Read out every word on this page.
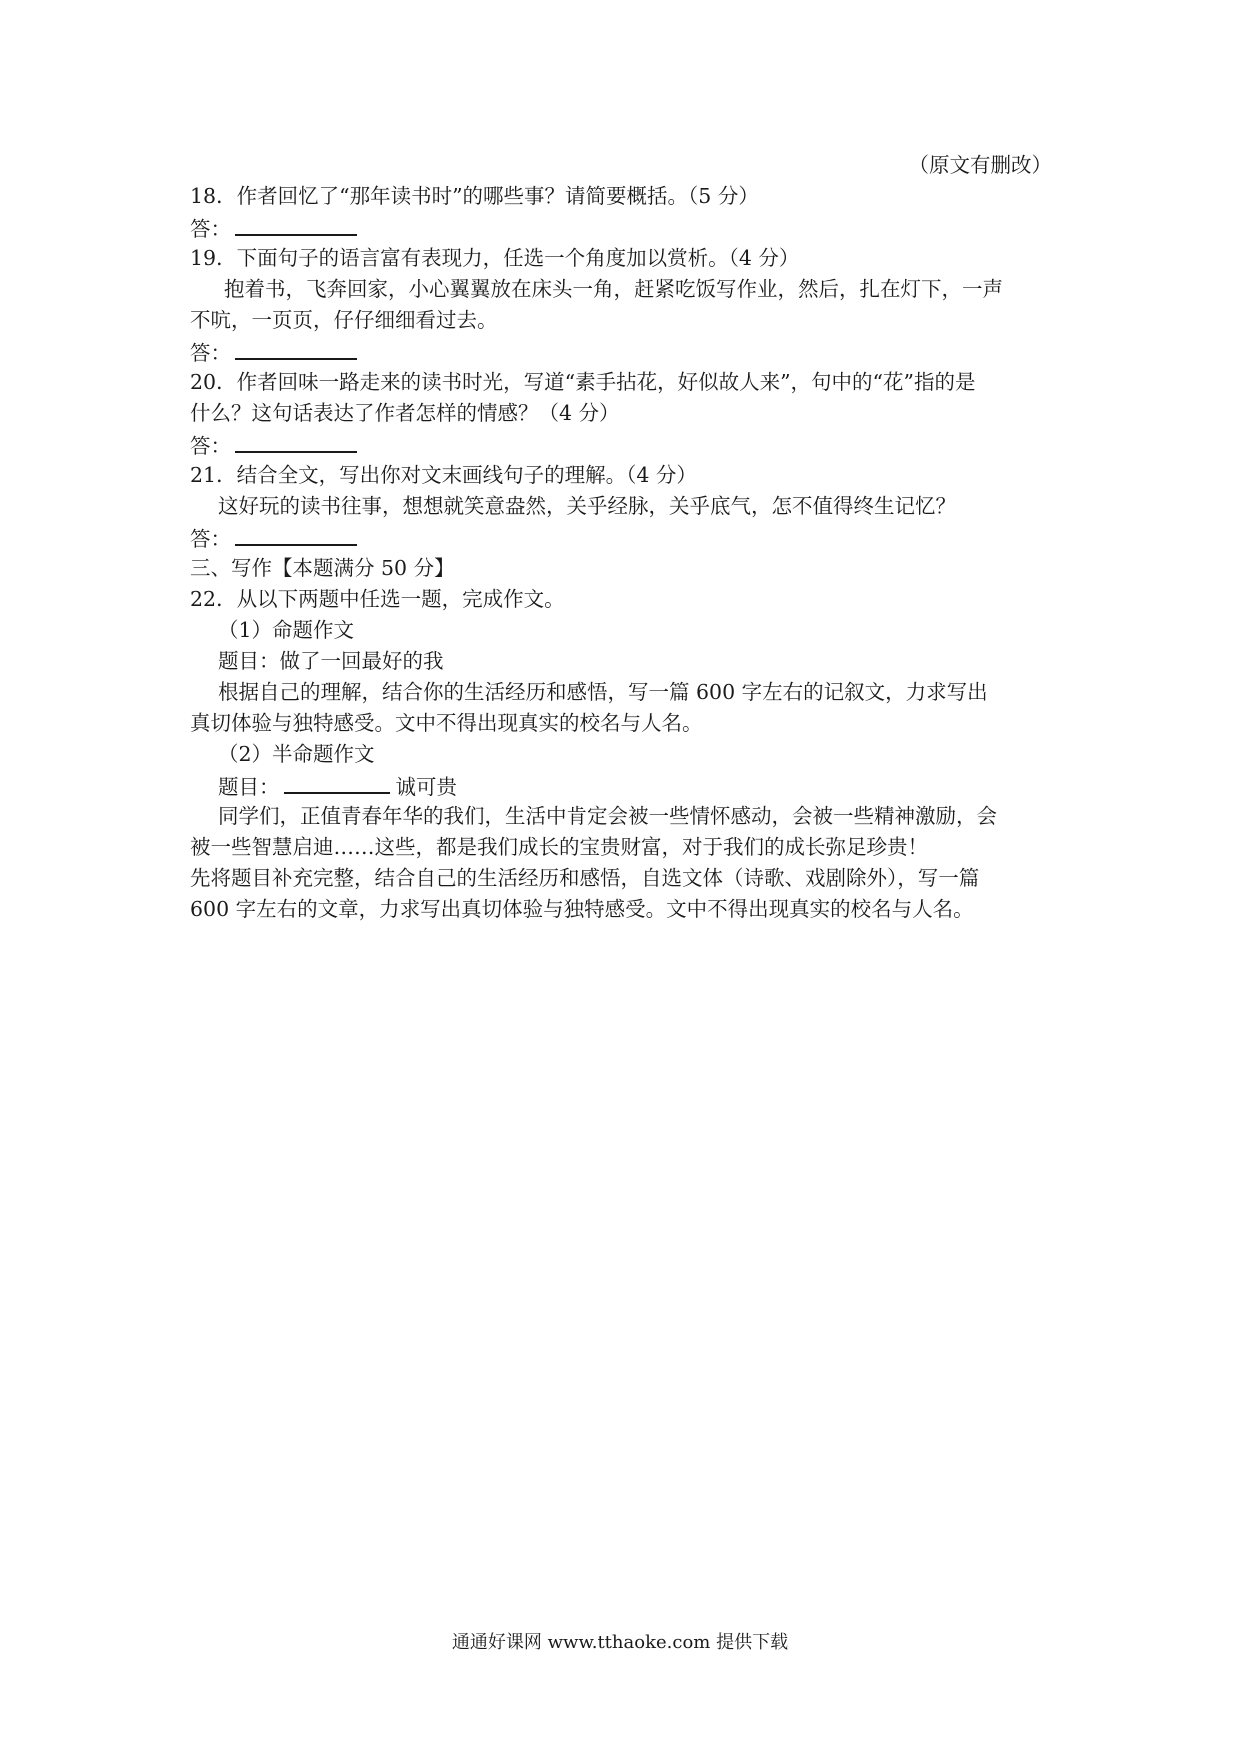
（原文有删改）
18．作者回忆了“那年读书时”的哪些事？请简要概括。（5 分）
答：
19．下面句子的语言富有表现力，任选一个角度加以赏析。（4 分）
抱着书，飞奔回家，小心翼翼放在床头一角，赶紧吃饭写作业，然后，扎在灯下，一声
不吭，一页页，仔仔细细看过去。
答：
20．作者回味一路走来的读书时光，写道“素手拈花，好似故人来”，句中的“花”指的是
什么？这句话表达了作者怎样的情感？（4 分）
答：
21．结合全文，写出你对文末画线句子的理解。（4 分）
这好玩的读书往事，想想就笑意盎然，关乎经脉，关乎底气，怎不值得终生记忆？
答：
三、写作【本题满分 50 分】
22．从以下两题中任选一题，完成作文。
（1）命题作文
题目：做了一回最好的我
根据自己的理解，结合你的生活经历和感悟，写一篇 600 字左右的记叙文，力求写出
真切体验与独特感受。文中不得出现真实的校名与人名。
（2）半命题作文
题目：	诚可贵
同学们，正值青春年华的我们，生活中肯定会被一些情怀感动，会被一些精神激励，会
被一些智慧启迪……这些，都是我们成长的宝贵财富，对于我们的成长弥足珍贵！
先将题目补充完整，结合自己的生活经历和感悟，自选文体（诗歌、戏剧除外），写一篇
600 字左右的文章，力求写出真切体验与独特感受。文中不得出现真实的校名与人名。
通通好课网 www.tthaoke.com 提供下载
